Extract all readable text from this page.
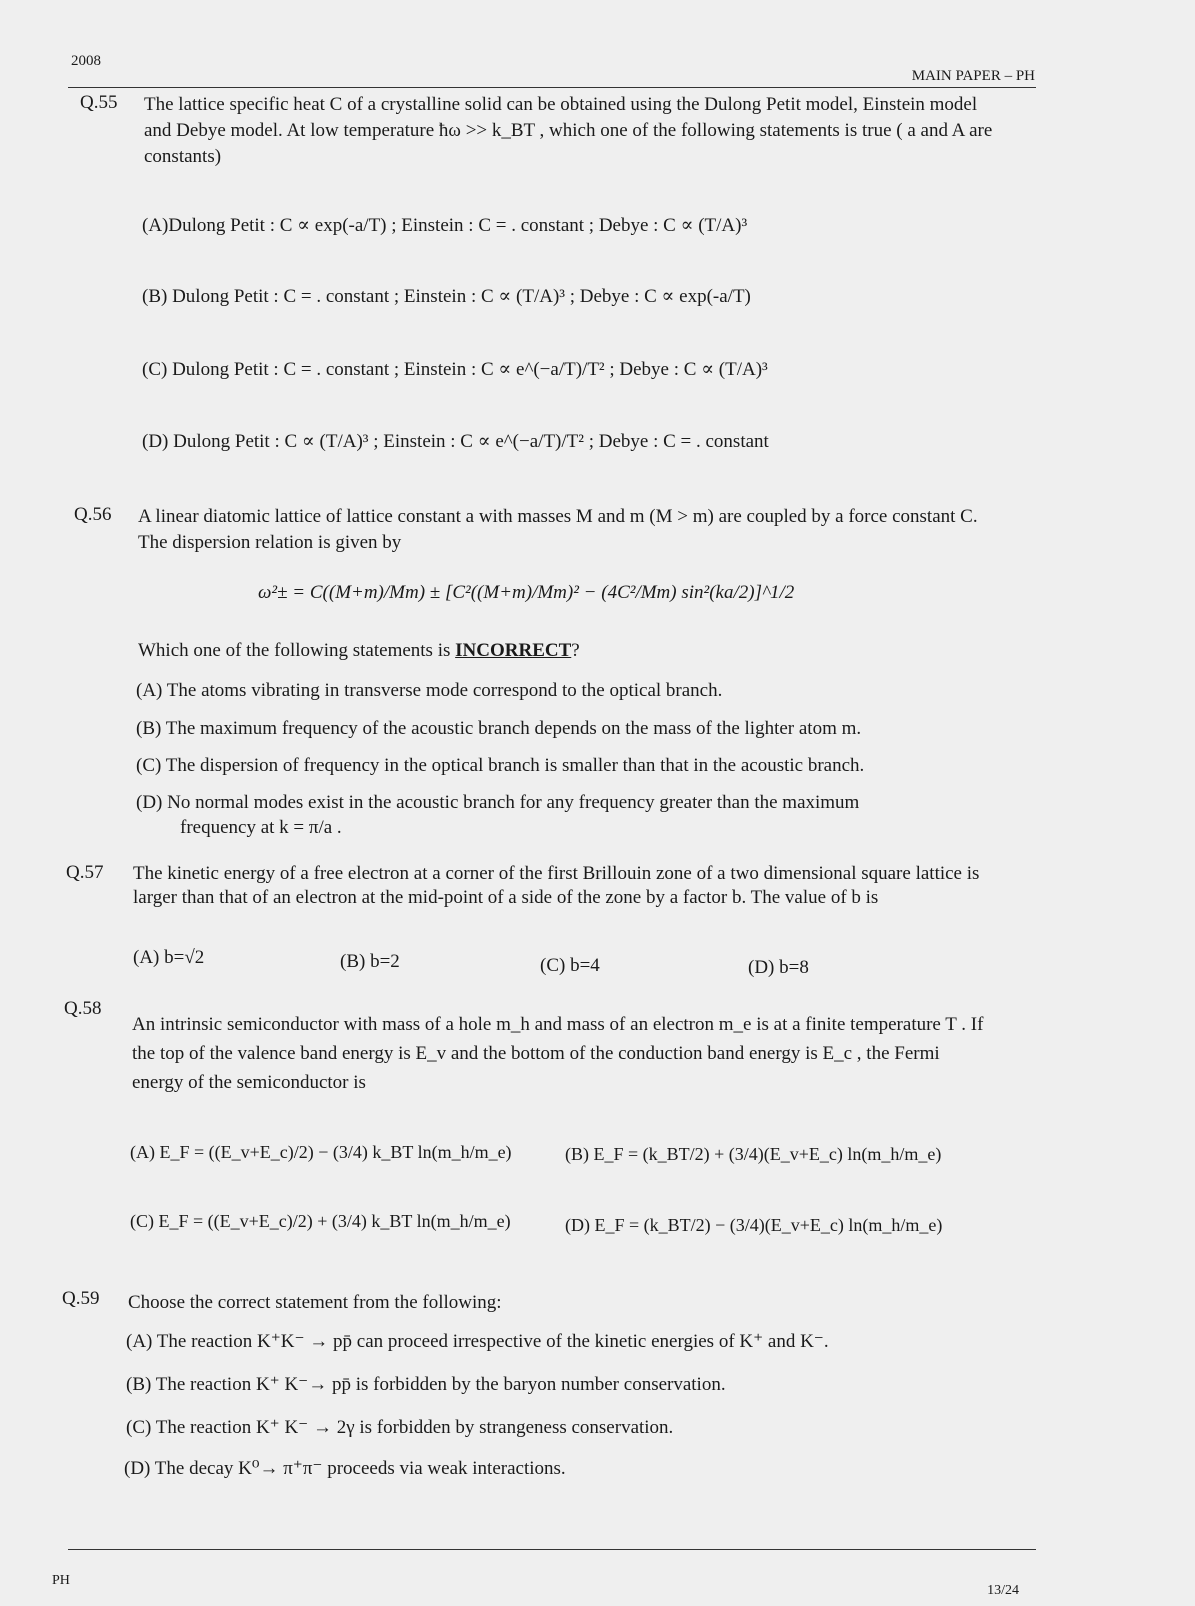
2008
MAIN PAPER – PH
Q.55 The lattice specific heat C of a crystalline solid can be obtained using the Dulong Petit model, Einstein model and Debye model. At low temperature ħω >> k_BT , which one of the following statements is true ( a and A are constants)
(A)Dulong Petit : C ∝ exp(-a/T) ; Einstein : C = . constant ; Debye : C ∝ (T/A)³
(B) Dulong Petit : C = . constant ; Einstein : C ∝ (T/A)³ ; Debye : C ∝ exp(-a/T)
(C) Dulong Petit : C = . constant ; Einstein : C ∝ e^(−a/T)/T² ; Debye : C ∝ (T/A)³
(D) Dulong Petit : C ∝ (T/A)³ ; Einstein : C ∝ e^(−a/T)/T² ; Debye : C = . constant
Q.56 A linear diatomic lattice of lattice constant a with masses M and m (M > m) are coupled by a force constant C. The dispersion relation is given by
ω²± = C((M+m)/Mm) ± [C²((M+m)/Mm)² − (4C²/Mm) sin²(ka/2)]^1/2
Which one of the following statements is INCORRECT?
(A) The atoms vibrating in transverse mode correspond to the optical branch.
(B) The maximum frequency of the acoustic branch depends on the mass of the lighter atom m.
(C) The dispersion of frequency in the optical branch is smaller than that in the acoustic branch.
(D) No normal modes exist in the acoustic branch for any frequency greater than the maximum
frequency at k = π/a .
Q.57 The kinetic energy of a free electron at a corner of the first Brillouin zone of a two dimensional square lattice is larger than that of an electron at the mid-point of a side of the zone by a factor b. The value of b is
(A) b=√2	(B) b=2	(C) b=4	(D) b=8
Q.58
An intrinsic semiconductor with mass of a hole m_h and mass of an electron m_e is at a finite temperature T . If the top of the valence band energy is E_v and the bottom of the conduction band energy is E_c , the Fermi energy of the semiconductor is
(A) E_F = ((E_v+E_c)/2) − (3/4) k_BT ln(m_h/m_e)	(B) E_F = (k_BT/2) + (3/4)(E_v+E_c) ln(m_h/m_e)
(C) E_F = ((E_v+E_c)/2) + (3/4) k_BT ln(m_h/m_e)	(D) E_F = (k_BT/2) − (3/4)(E_v+E_c) ln(m_h/m_e)
Q.59 Choose the correct statement from the following:
(A) The reaction K⁺K⁻ → pp̄ can proceed irrespective of the kinetic energies of K⁺ and K⁻.
(B) The reaction K⁺ K⁻→ pp̄ is forbidden by the baryon number conservation.
(C) The reaction K⁺ K⁻ → 2γ is forbidden by strangeness conservation.
(D) The decay K⁰→ π⁺π⁻ proceeds via weak interactions.
PH
13/24
